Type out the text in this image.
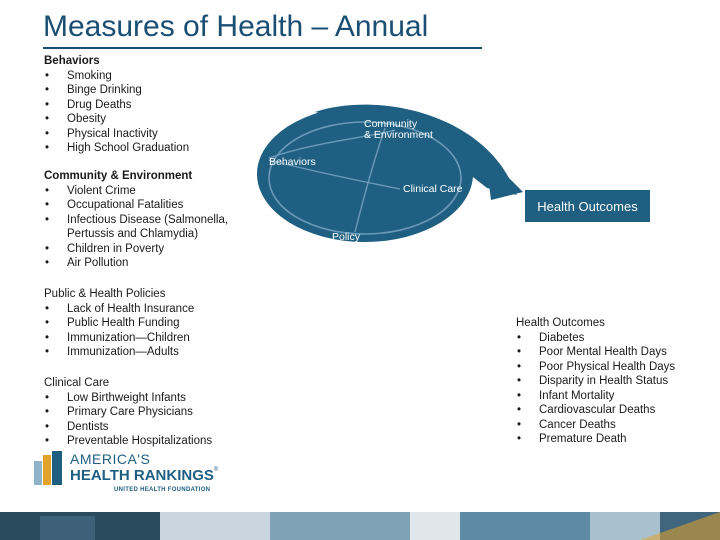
Measures of Health – Annual
Behaviors
• Smoking
• Binge Drinking
• Drug Deaths
• Obesity
• Physical Inactivity
• High School Graduation
Community & Environment
• Violent Crime
• Occupational Fatalities
• Infectious Disease (Salmonella, Pertussis and Chlamydia)
• Children in Poverty
• Air Pollution
Public & Health Policies
• Lack of Health Insurance
• Public Health Funding
• Immunization—Children
• Immunization—Adults
Clinical Care
• Low Birthweight Infants
• Primary Care Physicians
• Dentists
• Preventable Hospitalizations
Health Outcomes
• Diabetes
• Poor Mental Health Days
• Poor Physical Health Days
• Disparity in Health Status
• Infant Mortality
• Cardiovascular Deaths
• Cancer Deaths
• Premature Death
Community
& Environment
Behaviors
Clinical Care
Policy
Health Outcomes
AMERICA'S
HEALTH RANKINGS®
UNITED HEALTH FOUNDATION
